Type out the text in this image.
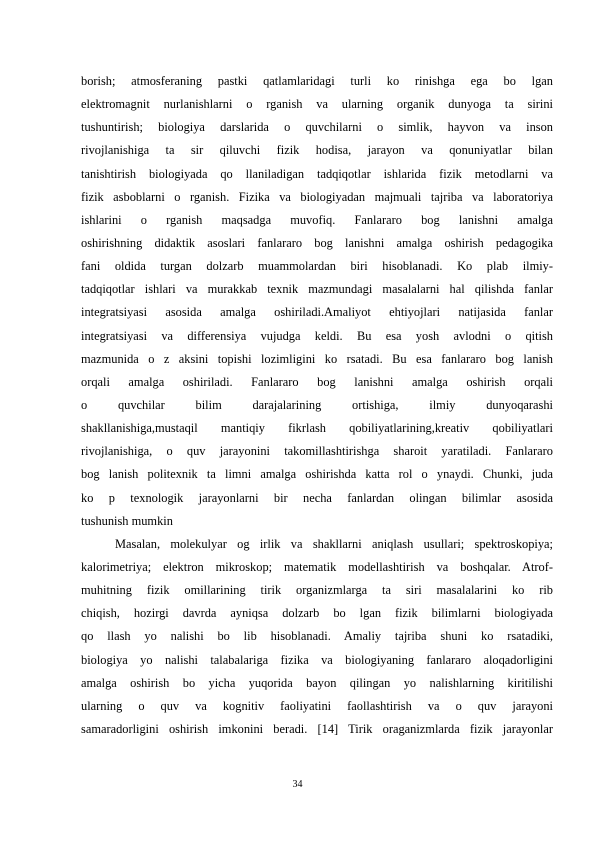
borish; atmosferaning pastki qatlamlaridagi turli ko rinishga ega bo lgan
elektromagnit nurlanishlarni o rganish va ularning organik dunyoga ta sirini
tushuntirish; biologiya darslarida o quvchilarni o simlik, hayvon va inson
rivojlanishiga ta sir qiluvchi fizik hodisa, jarayon va qonuniyatlar bilan
tanishtirish biologiyada qo llaniladigan tadqiqotlar ishlarida fizik metodlarni va
fizik asboblarni o rganish. Fizika va biologiyadan majmuali tajriba va laboratoriya
ishlarini o rganish maqsadga muvofiq. Fanlararo bog lanishni amalga
oshirishning didaktik asoslari fanlararo bog lanishni amalga oshirish pedagogika
fani oldida turgan dolzarb muammolardan biri hisoblanadi. Ko plab ilmiy-
tadqiqotlar ishlari va murakkab texnik mazmundagi masalalarni hal qilishda fanlar
integratsiyasi asosida amalga oshiriladi.Amaliyot ehtiyojlari natijasida fanlar
integratsiyasi va differensiya vujudga keldi. Bu esa yosh avlodni o qitish
mazmunida o z aksini topishi lozimligini ko rsatadi. Bu esa fanlararo bog lanish
orqali amalga oshiriladi. Fanlararo bog lanishni amalga oshirish orqali
o quvchilar bilim darajalarining ortishiga, ilmiy dunyoqarashi
shakllanishiga,mustaqil mantiqiy fikrlash qobiliyatlarining,kreativ qobiliyatlari
rivojlanishiga, o quv jarayonini takomillashtirishga sharoit yaratiladi. Fanlararo
bog lanish politexnik ta limni amalga oshirishda katta rol o ynaydi. Chunki, juda
ko p texnologik jarayonlarni bir necha fanlardan olingan bilimlar asosida
tushunish mumkin
Masalan, molekulyar og irlik va shakllarni aniqlash usullari; spektroskopiya;
kalorimetriya; elektron mikroskop; matematik modellashtirish va boshqalar. Atrof-
muhitning fizik omillarining tirik organizmlarga ta siri masalalarini ko rib
chiqish, hozirgi davrda ayniqsa dolzarb bo lgan fizik bilimlarni biologiyada
qo llash yo nalishi bo lib hisoblanadi. Amaliy tajriba shuni ko rsatadiki,
biologiya yo nalishi talabalariga fizika va biologiyaning fanlararo aloqadorligini
amalga oshirish bo yicha yuqorida bayon qilingan yo nalishlarning kiritilishi
ularning o quv va kognitiv faoliyatini faollashtirish va o quv jarayoni
samaradorligini oshirish imkonini beradi. [14] Tirik oraganizmlarda fizik jarayonlar
34
